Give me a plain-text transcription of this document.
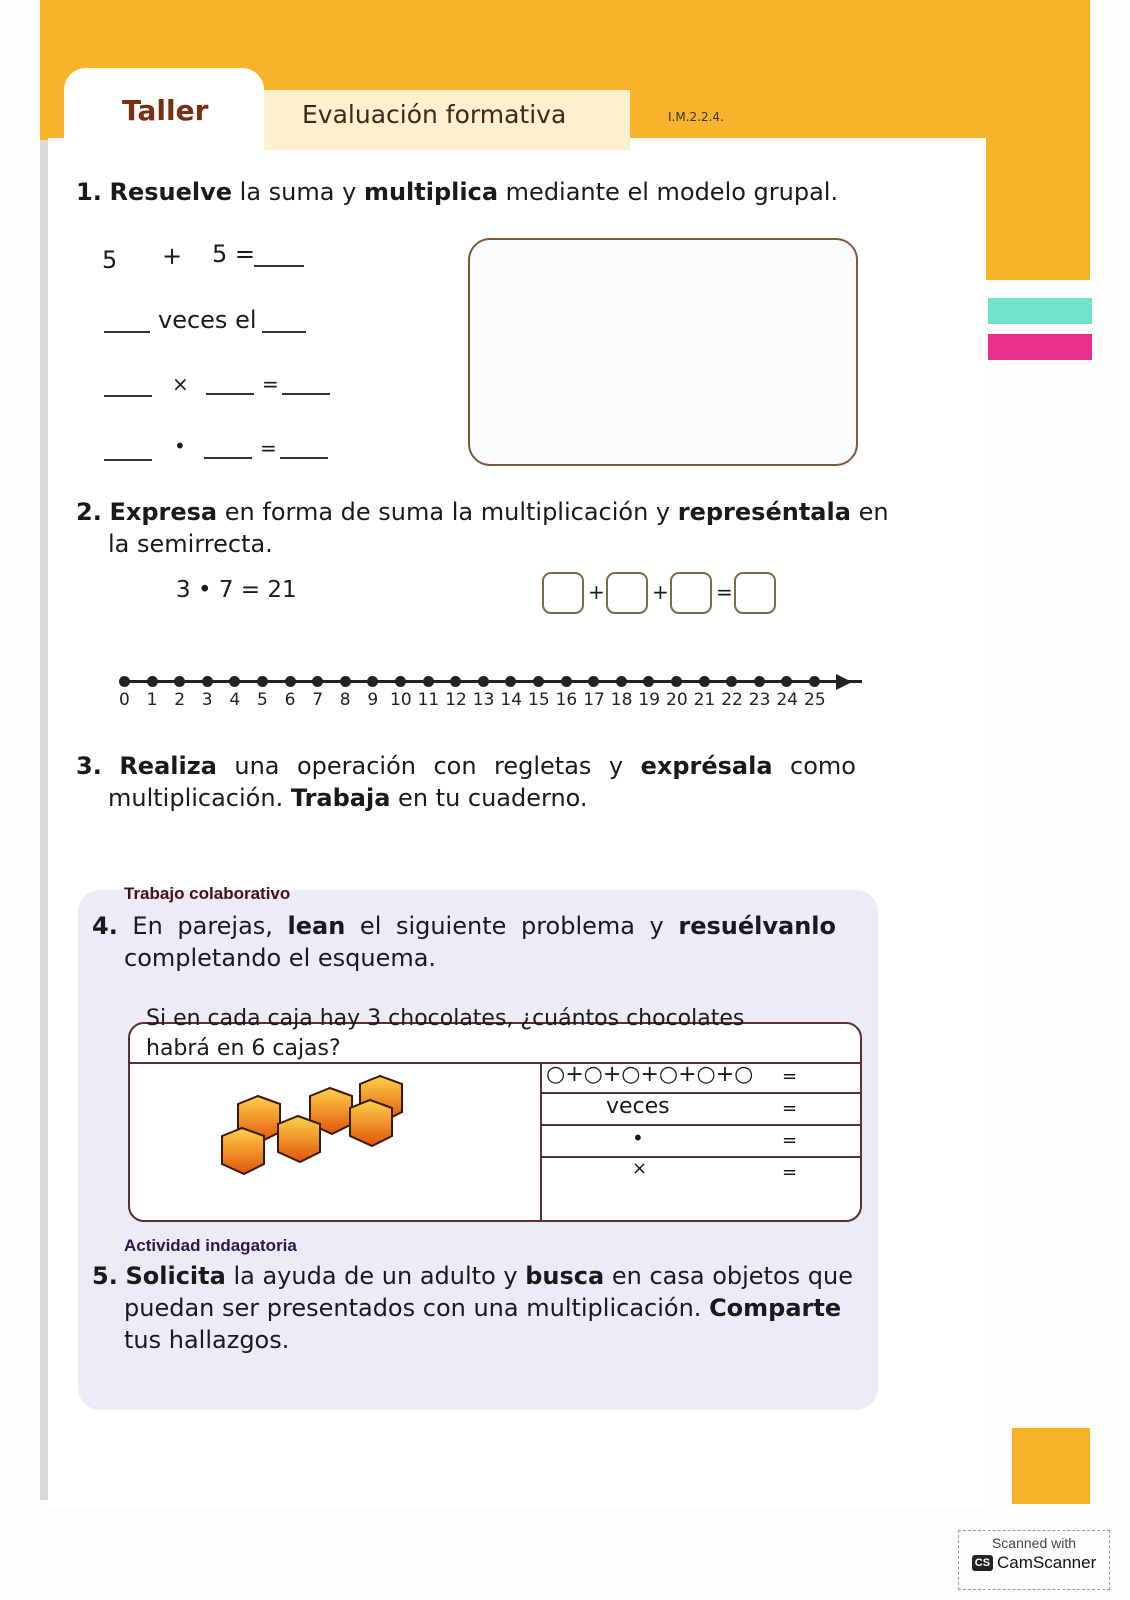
Taller	Evaluación formativa	I.M.2.2.4.
1. Resuelve la suma y multiplica mediante el modelo grupal.
5 + 5 =
veces el
×	=
•	=
2. Expresa en forma de suma la multiplicación y represéntala en
la semirrecta.
3 • 7 = 21	+ + =
0 1 2 3 4 5 6 7 8 9 10 11 12 13 14 15 16 17 18 19 20 21 22 23 24 25
3. Realiza una operación con regletas y exprésala como
multiplicación. Trabaja en tu cuaderno.
Trabajo colaborativo
4. En parejas, lean el siguiente problema y resuélvanlo
completando el esquema.
Si en cada caja hay 3 chocolates, ¿cuántos chocolates
habrá en 6 cajas?
○+○+○+○+○+○ =
veces	=
•	=
×	=
Actividad indagatoria
5. Solicita la ayuda de un adulto y busca en casa objetos que
puedan ser presentados con una multiplicación. Comparte
tus hallazgos.
85
Scanned with
CS CamScanner
